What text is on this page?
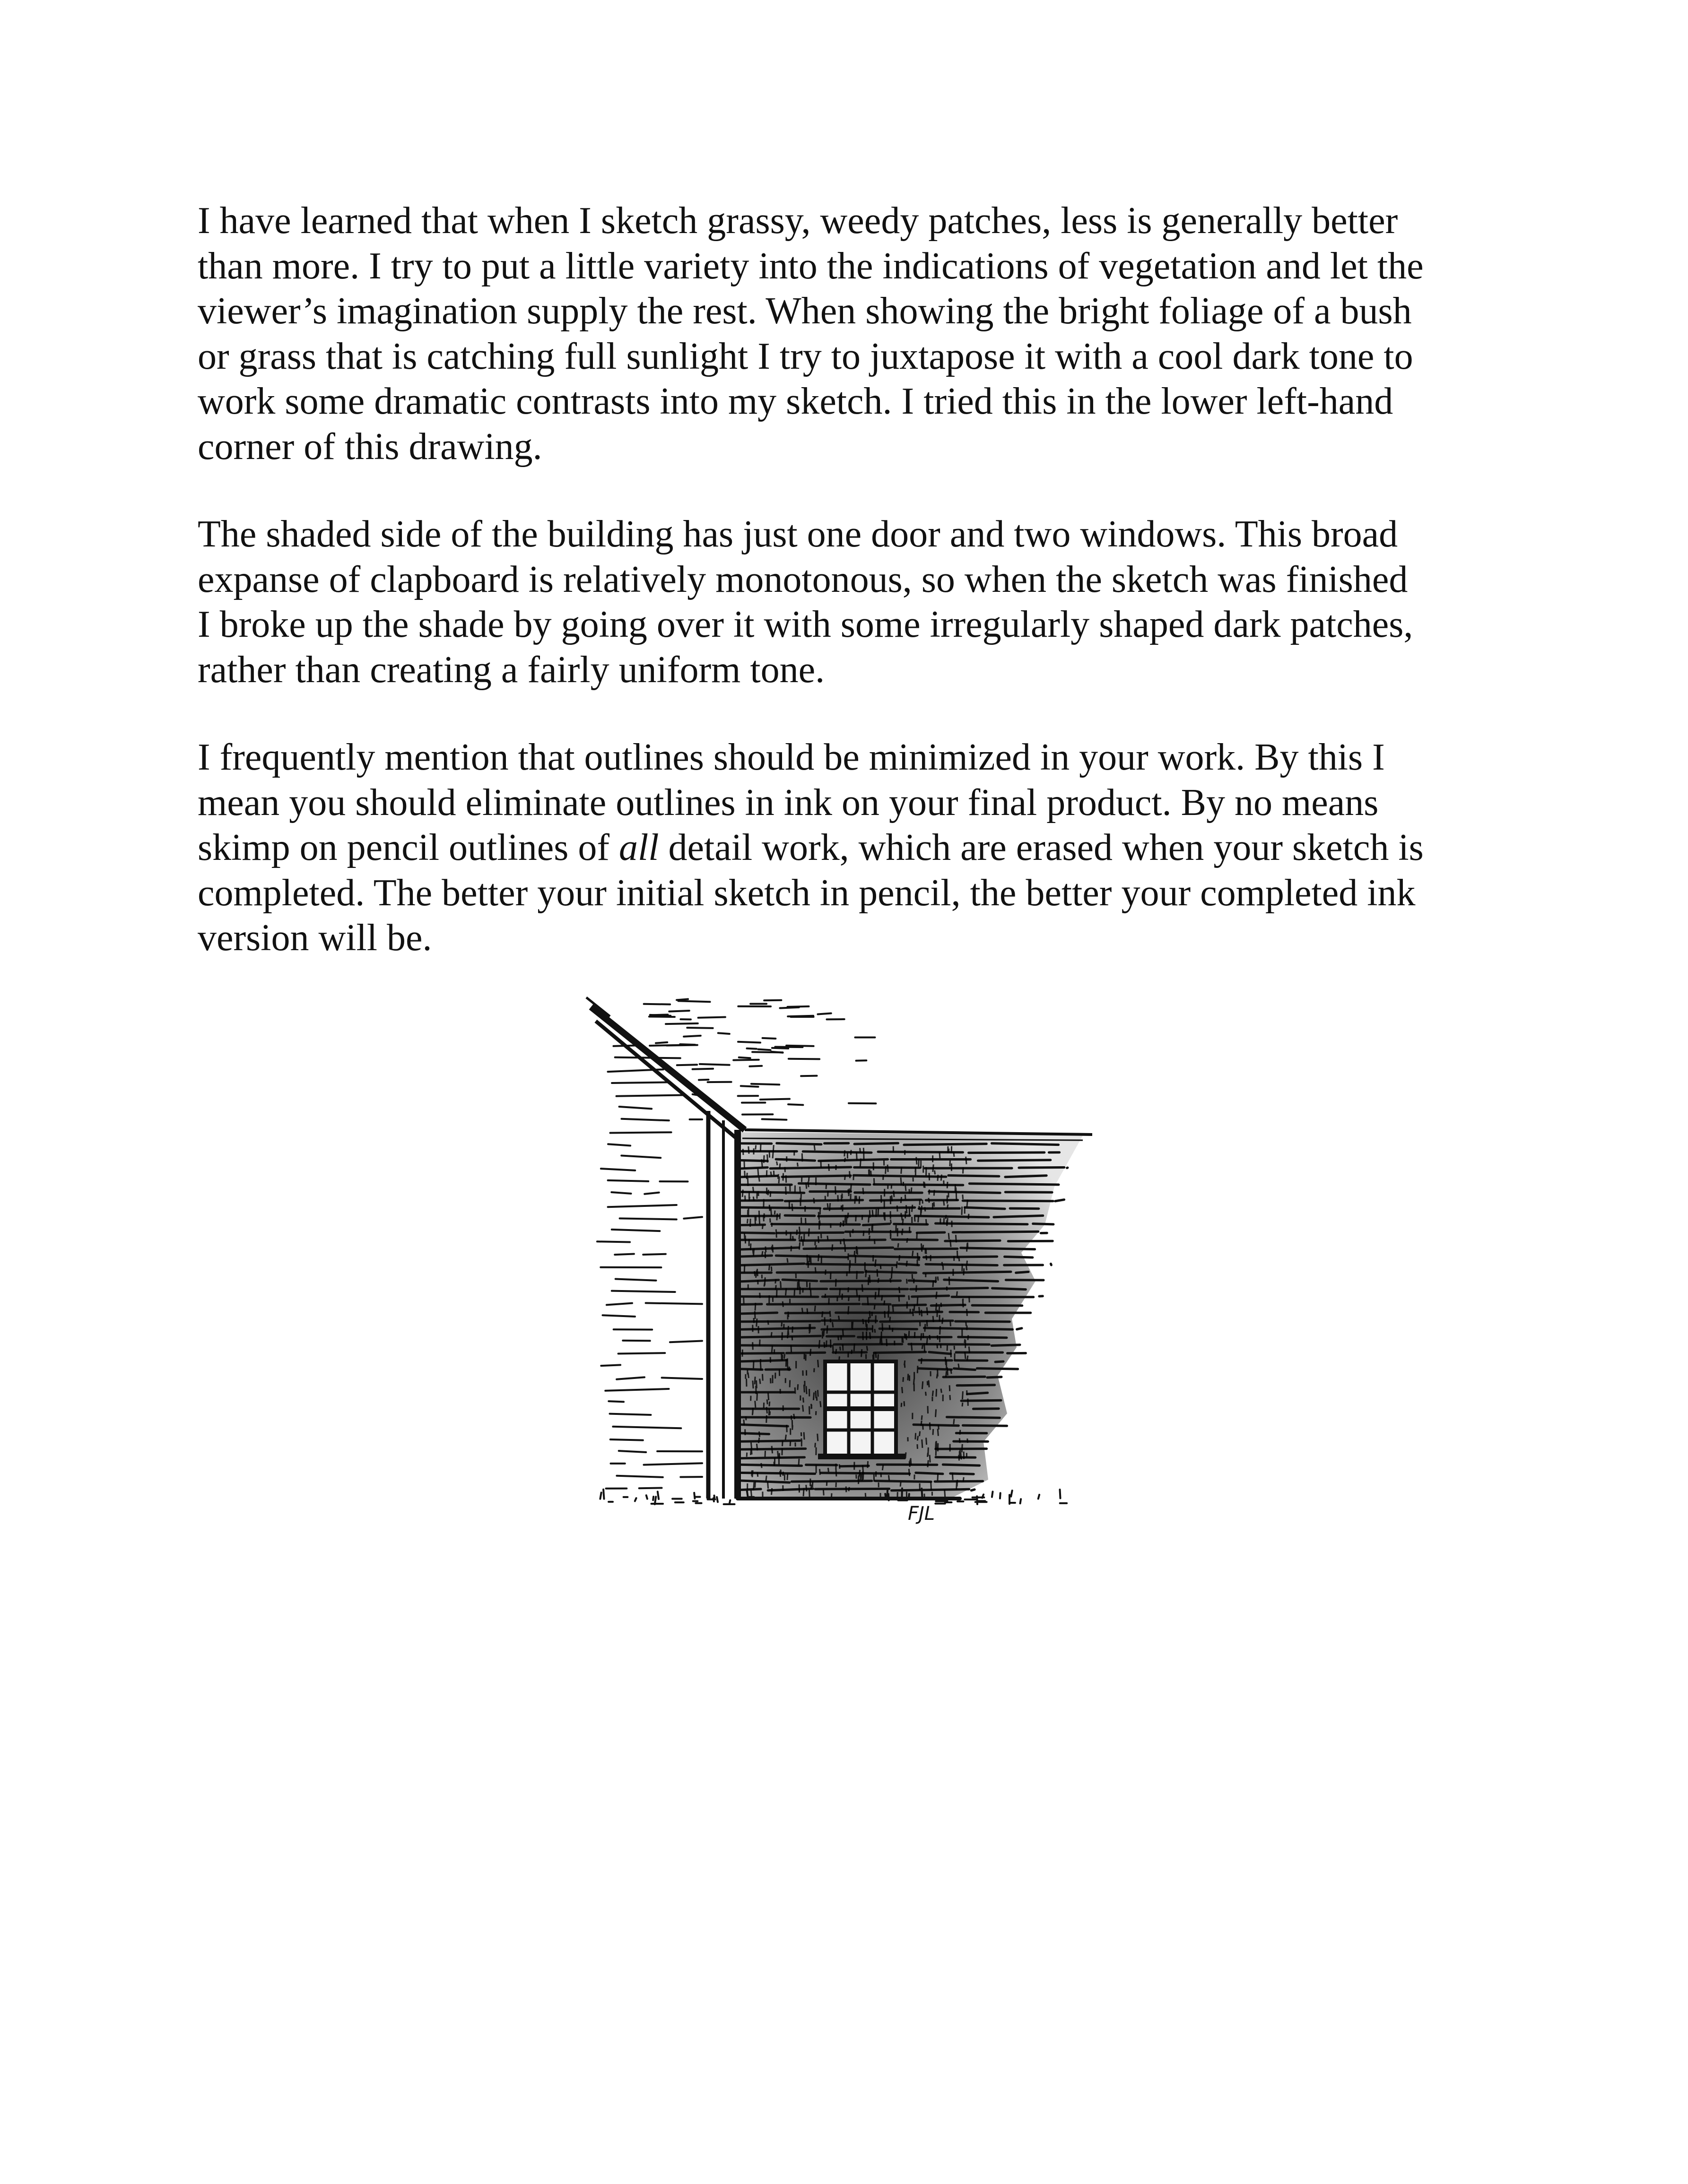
I have learned that when I sketch grassy, weedy patches, less is generally better
than more. I try to put a little variety into the indications of vegetation and let the
viewer’s imagination supply the rest. When showing the bright foliage of a bush
or grass that is catching full sunlight I try to juxtapose it with a cool dark tone to
work some dramatic contrasts into my sketch. I tried this in the lower left-hand
corner of this drawing.

The shaded side of the building has just one door and two windows. This broad
expanse of clapboard is relatively monotonous, so when the sketch was finished
I broke up the shade by going over it with some irregularly shaped dark patches,
rather than creating a fairly uniform tone.

I frequently mention that outlines should be minimized in your work. By this I
mean you should eliminate outlines in ink on your final product. By no means
skimp on pencil outlines of all detail work, which are erased when your sketch is
completed. The better your initial sketch in pencil, the better your completed ink
version will be.

FJL
